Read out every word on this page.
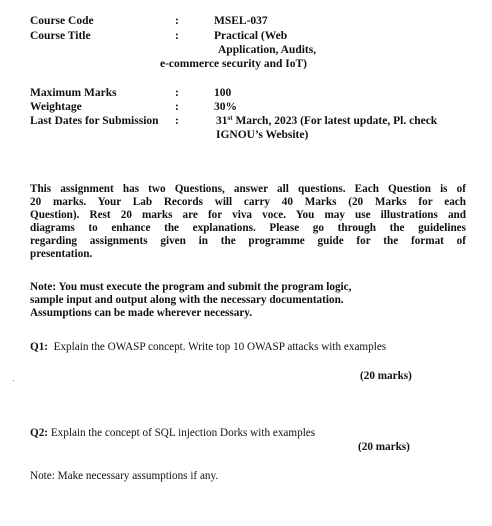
Course Code	:	MSEL-037
Course Title	:	Practical (Web
Application, Audits,
e-commerce security and IoT)
Maximum Marks	:	100
Weightage	:	30%
Last Dates for Submission :	31st March, 2023 (For latest update, Pl. check
IGNOU’s Website)
This assignment has two Questions, answer all questions. Each Question is of
20 marks. Your Lab Records will carry 40 Marks (20 Marks for each
Question). Rest 20 marks are for viva voce. You may use illustrations and
diagrams to enhance the explanations. Please go through the guidelines
regarding assignments given in the programme guide for the format of
presentation.
Note: You must execute the program and submit the program logic,
sample input and output along with the necessary documentation.
Assumptions can be made wherever necessary.
Q1:  Explain the OWASP concept. Write top 10 OWASP attacks with examples
(20 marks)
Q2: Explain the concept of SQL injection Dorks with examples
(20 marks)
Note: Make necessary assumptions if any.
